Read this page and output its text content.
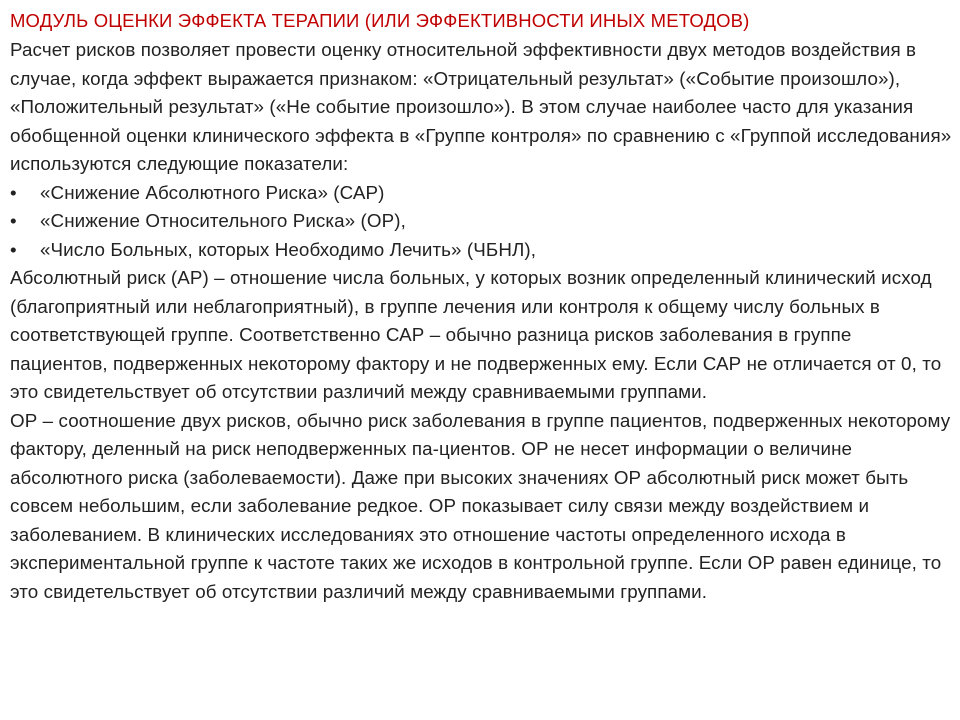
МОДУЛЬ ОЦЕНКИ ЭФФЕКТА ТЕРАПИИ (ИЛИ ЭФФЕКТИВНОСТИ ИНЫХ МЕТОДОВ)

Расчет рисков позволяет провести оценку относительной эффективности двух методов воздействия в случае, когда эффект выражается признаком: «Отрицательный результат» («Событие произошло»), «Положительный результат» («Не событие произошло»). В этом случае наиболее часто для указания обобщенной оценки клинического эффекта в «Группе контроля» по сравнению с «Группой исследования» используются следующие показатели:

•	«Снижение Абсолютного Риска» (САР)
•	«Снижение Относительного Риска» (ОР),
•	«Число Больных, которых Необходимо Лечить» (ЧБНЛ),

Абсолютный риск (АР) – отношение числа больных, у которых возник определенный клинический исход (благоприятный или неблагоприятный), в группе лечения или контроля к общему числу больных в соответствующей группе. Соответственно САР – обычно разница рисков заболевания в группе пациентов, подверженных некоторому фактору и не подверженных ему. Если САР не отличается от 0, то это свидетельствует об отсутствии различий между сравниваемыми группами.

ОР – соотношение двух рисков, обычно риск заболевания в группе пациентов, подверженных некоторому фактору, деленный на риск неподверженных па-циентов. ОР не несет информации о величине абсолютного риска (заболеваемости). Даже при высоких значениях ОР абсолютный риск может быть совсем небольшим, если заболевание редкое. ОР показывает силу связи между воздействием и заболеванием. В клинических исследованиях это отношение частоты определенного исхода в экспериментальной группе к частоте таких же исходов в контрольной группе. Если ОР равен единице, то это свидетельствует об отсутствии различий между сравниваемыми группами.
